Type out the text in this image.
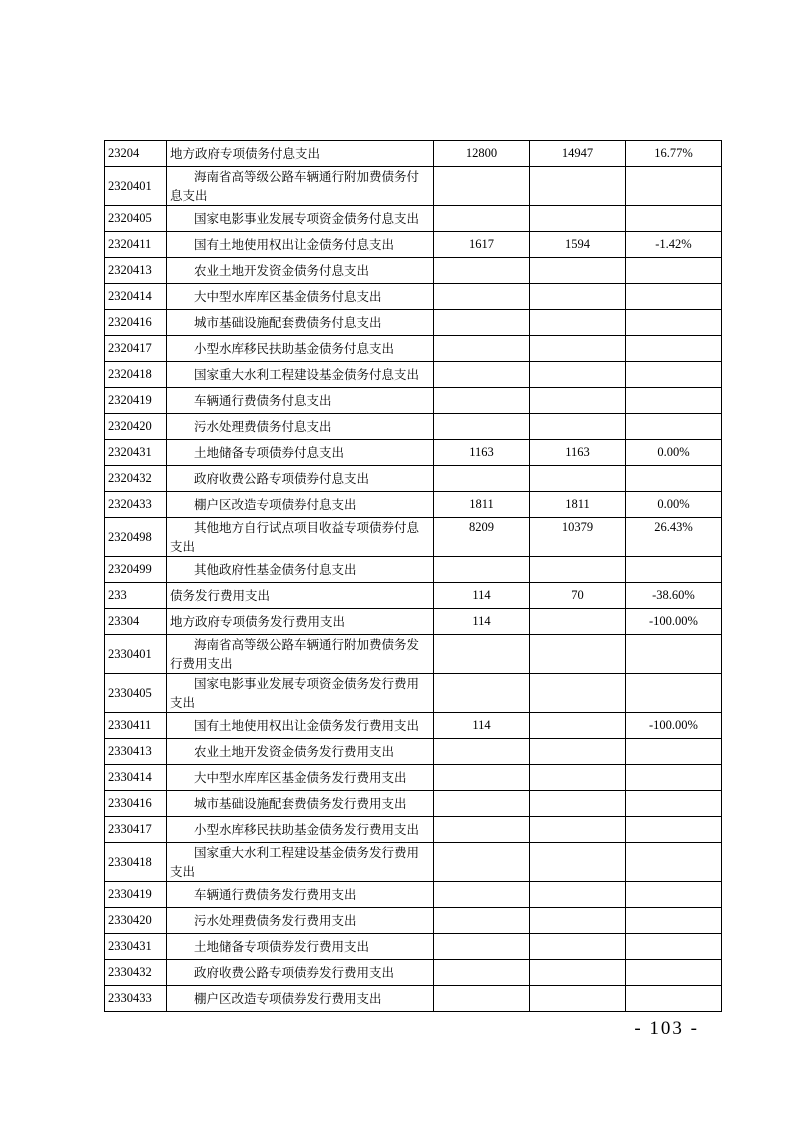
23204	地方政府专项债务付息支出	12800	14947	16.77%
2320401	海南省高等级公路车辆通行附加费债务付息支出			
2320405	国家电影事业发展专项资金债务付息支出			
2320411	国有土地使用权出让金债务付息支出	1617	1594	-1.42%
2320413	农业土地开发资金债务付息支出			
2320414	大中型水库库区基金债务付息支出			
2320416	城市基础设施配套费债务付息支出			
2320417	小型水库移民扶助基金债务付息支出			
2320418	国家重大水利工程建设基金债务付息支出			
2320419	车辆通行费债务付息支出			
2320420	污水处理费债务付息支出			
2320431	土地储备专项债券付息支出	1163	1163	0.00%
2320432	政府收费公路专项债券付息支出			
2320433	棚户区改造专项债券付息支出	1811	1811	0.00%
2320498	其他地方自行试点项目收益专项债券付息支出	8209	10379	26.43%
2320499	其他政府性基金债务付息支出			
233	债务发行费用支出	114	70	-38.60%
23304	地方政府专项债务发行费用支出	114		-100.00%
2330401	海南省高等级公路车辆通行附加费债务发行费用支出			
2330405	国家电影事业发展专项资金债务发行费用支出			
2330411	国有土地使用权出让金债务发行费用支出	114		-100.00%
2330413	农业土地开发资金债务发行费用支出			
2330414	大中型水库库区基金债务发行费用支出			
2330416	城市基础设施配套费债务发行费用支出			
2330417	小型水库移民扶助基金债务发行费用支出			
2330418	国家重大水利工程建设基金债务发行费用支出			
2330419	车辆通行费债务发行费用支出			
2330420	污水处理费债务发行费用支出			
2330431	土地储备专项债券发行费用支出			
2330432	政府收费公路专项债券发行费用支出			
2330433	棚户区改造专项债券发行费用支出			
- 103 -
